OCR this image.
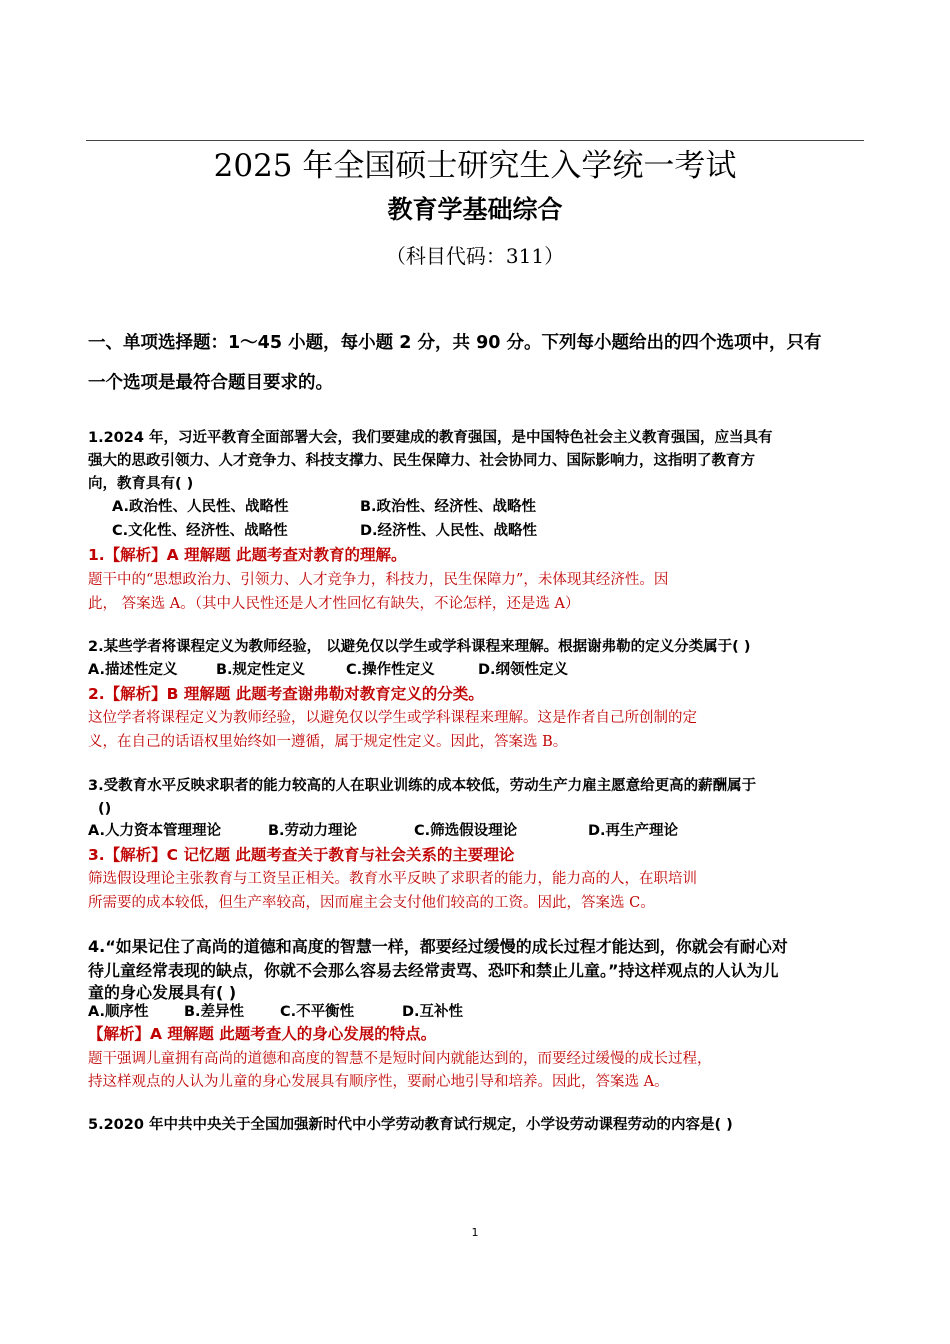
2025 年全国硕士研究生入学统一考试
教育学基础综合
（科目代码：311）
一、单项选择题：1～45 小题，每小题 2 分，共 90 分。下列每小题给出的四个选项中，只有
一个选项是最符合题目要求的。
1.2024 年，习近平教育全面部署大会，我们要建成的教育强国，是中国特色社会主义教育强国，应当具有
强大的思政引领力、人才竞争力、科技支撑力、民生保障力、社会协同力、国际影响力，这指明了教育方
向，教育具有( )
A.政治性、人民性、战略性	B.政治性、经济性、战略性
C.文化性、经济性、战略性	D.经济性、人民性、战略性
1.【解析】A 理解题 此题考查对教育的理解。
题干中的“思想政治力、引领力、人才竞争力，科技力，民生保障力”，未体现其经济性。因
此， 答案选 A。（其中人民性还是人才性回忆有缺失，不论怎样，还是选 A）
2.某些学者将课程定义为教师经验， 以避免仅以学生或学科课程来理解。根据谢弗勒的定义分类属于( )
A.描述性定义	B.规定性定义	C.操作性定义	D.纲领性定义
2.【解析】B 理解题 此题考查谢弗勒对教育定义的分类。
这位学者将课程定义为教师经验，以避免仅以学生或学科课程来理解。这是作者自己所创制的定
义，在自己的话语权里始终如一遵循，属于规定性定义。因此，答案选 B。
3.受教育水平反映求职者的能力较高的人在职业训练的成本较低，劳动生产力雇主愿意给更高的薪酬属于
()
A.人力资本管理理论	B.劳动力理论	C.筛选假设理论	D.再生产理论
3.【解析】C 记忆题 此题考查关于教育与社会关系的主要理论
筛选假设理论主张教育与工资呈正相关。教育水平反映了求职者的能力，能力高的人，在职培训
所需要的成本较低，但生产率较高，因而雇主会支付他们较高的工资。因此，答案选 C。
4.“如果记住了高尚的道德和高度的智慧一样，都要经过缓慢的成长过程才能达到，你就会有耐心对
待儿童经常表现的缺点，你就不会那么容易去经常责骂、恐吓和禁止儿童。”持这样观点的人认为儿
童的身心发展具有( )
A.顺序性 B.差异性 C.不平衡性	D.互补性
【解析】A 理解题 此题考查人的身心发展的特点。
题干强调儿童拥有高尚的道德和高度的智慧不是短时间内就能达到的，而要经过缓慢的成长过程，
持这样观点的人认为儿童的身心发展具有顺序性，要耐心地引导和培养。因此，答案选 A。
5.2020 年中共中央关于全国加强新时代中小学劳动教育试行规定，小学设劳动课程劳动的内容是( )
1
